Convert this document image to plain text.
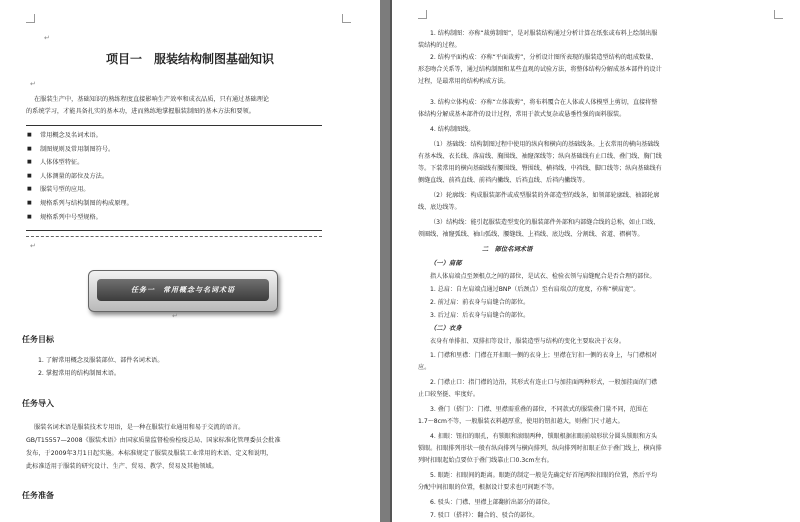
↵
项目一　服装结构制图基础知识
↵
在服装生产中，基础知识的熟练程度直接影响生产效率和成衣品质，只有通过基础理论
的系统学习，才能具备扎实的基本功，进而熟练地掌握服装制图的基本方法和要领。
■ 常用概念及名词术语。
■ 制图规则及常用制图符号。
■ 人体体型特征。
■ 人体测量的部位及方法。
■ 服装号型的应用。
■ 规格系列与结构制图的构成原理。
■ 规格系列中号型规格。
↵
任务一　常用概念与名词术语
↵
任务目标
1. 了解常用概念及服装部位、部件名词术语。
2. 掌握常用的结构制图术语。
任务导入
服装名词术语是服装技术专用语，是一种在服装行业通用和易于交流的语言。
GB/T15557—2008《服装术语》由国家质量监督检验检疫总局、国家标准化管理委员会批准
发布，于2009年3月1日起实施。本标准规定了服装及服装工业常用的术语、定义和说明，
此标准适用于服装的研究设计、生产、贸易、教学、贸易及其他领域。
任务准备
1. 结构制图：亦称“裁剪制图”，是对服装结构通过分析计算在纸张或布料上绘制出服
装结构的过程。
2. 结构平面构成：亦称“平面裁剪”，分析设计图所表现的服装造型结构的组成数量、
形态吻合关系等，通过结构制图和某些直观的试验方法，将整体结构分解成基本部件的设计
过程，是最常用的结构构成方法。
3. 结构立体构成：亦称“立体裁剪”，将布料覆合在人体或人体模型上剪切，直接将整
体结构分解成基本部件的设计过程，常用于款式复杂或悬垂性强的面料服装。
4. 结构制图线。
（1）基础线：结构制图过程中使用的纵向和横向的基础线条。上衣常用的横向基础线
有基本线、衣长线、落肩线、胸围线、袖窿深线等；纵向基础线有止口线、叠门线、胸门线
等。下装常用的横向基础线有腰围线、臀围线、横裆线、中裆线、脚口线等；纵向基础线有
侧缝直线、前裆直线、前裆内撇线、后裆直线、后裆内撇线等。
（2）轮廓线：构成服装部件或成型服装的外部造型的线条，如领部轮廓线、袖部轮廓
线、底边线等。
（3）结构线：能引起服装造型变化的服装部件外部和内部缝合线的总称，如止口线、
领圈线、袖窿弧线、袖山弧线、腰缝线、上裆线、底边线、分割线、省道、褶裥等。
二　部位名词术语
（一）肩部
指人体肩端点至颈根点之间的部位，是试衣、检验衣领与肩缝配合是否合理的部位。
1. 总肩：自左肩端点通过BNP（后颈点）至右肩端点的宽度，亦称“横肩宽”。
2. 前过肩：前衣身与肩缝合的部位。
3. 后过肩：后衣身与肩缝合的部位。
（二）衣身
衣身有单排扣、双排扣等设计，服装造型与结构的变化主要取决于衣身。
1. 门襟和里襟：门襟在开扣眼一侧的衣身上；里襟在钉扣一侧的衣身上，与门襟相对
应。
2. 门襟止口：指门襟的边沿，其形式有连止口与加挂面两种形式，一般加挂面的门襟
止口较坚挺、牢度好。
3. 叠门（搭门）：门襟、里襟需重叠的部位，不同款式的服装叠门量不同，范围在
1.7～8cm不等，一般服装衣料越厚重，使用的钮扣越大，则叠门尺寸越大。
4. 扣眼：钮扣的眼孔，有锁眼和滚眼两种，锁眼根据扣眼前端形状分圆头锁眼和方头
锁眼。扣眼排列形状一般有纵向排列与横向排列，纵向排列时扣眼正位于叠门线上，横向排
列时扣眼起始点要位于叠门线靠止口0.3cm左右。
5. 眼距：扣眼间的距离。眼距的制定一般是先确定好首尾两粒扣眼的位置，然后平均
分配中间扣眼的位置，根据设计要求也可间距不等。
6. 驳头：门襟、里襟上部翻折出部分的部位。
7. 驳口（搭袢）：翻合的、驳合的部位。
